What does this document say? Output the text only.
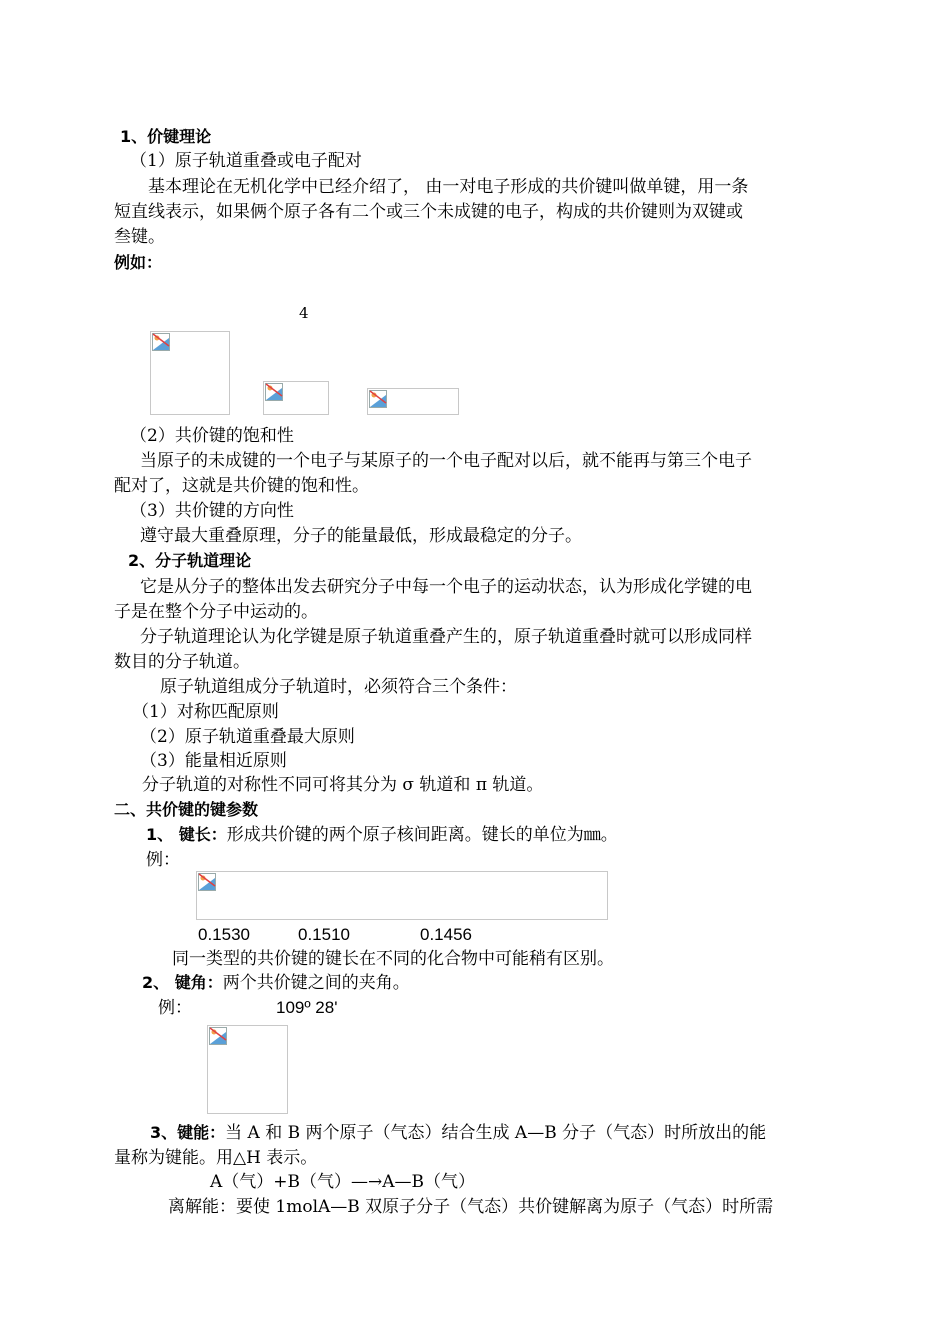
1、价键理论
（1）原子轨道重叠或电子配对
基本理论在无机化学中已经介绍了， 由一对电子形成的共价键叫做单键，用一条
短直线表示，如果俩个原子各有二个或三个未成键的电子，构成的共价键则为双键或
叁键。
例如：
4
（2）共价键的饱和性
当原子的未成键的一个电子与某原子的一个电子配对以后，就不能再与第三个电子
配对了，这就是共价键的饱和性。
（3）共价键的方向性
遵守最大重叠原理，分子的能量最低，形成最稳定的分子。
2、分子轨道理论
它是从分子的整体出发去研究分子中每一个电子的运动状态，认为形成化学键的电
子是在整个分子中运动的。
分子轨道理论认为化学键是原子轨道重叠产生的，原子轨道重叠时就可以形成同样
数目的分子轨道。
原子轨道组成分子轨道时，必须符合三个条件：
（1）对称匹配原则
（2）原子轨道重叠最大原则
（3）能量相近原则
分子轨道的对称性不同可将其分为 σ 轨道和 π 轨道。
二、共价键的键参数
1、 键长：形成共价键的两个原子核间距离。键长的单位为㎜。
例：
0.1530	0.1510	0.1456
同一类型的共价键的键长在不同的化合物中可能稍有区别。
2、 键角：两个共价键之间的夹角。
例：	109º 28'
3、键能：当 A 和 B 两个原子（气态）结合生成 A—B 分子（气态）时所放出的能
量称为键能。用△H 表示。
A（气）+B（气）—→A—B（气）
离解能：要使 1molA—B 双原子分子（气态）共价键解离为原子（气态）时所需
